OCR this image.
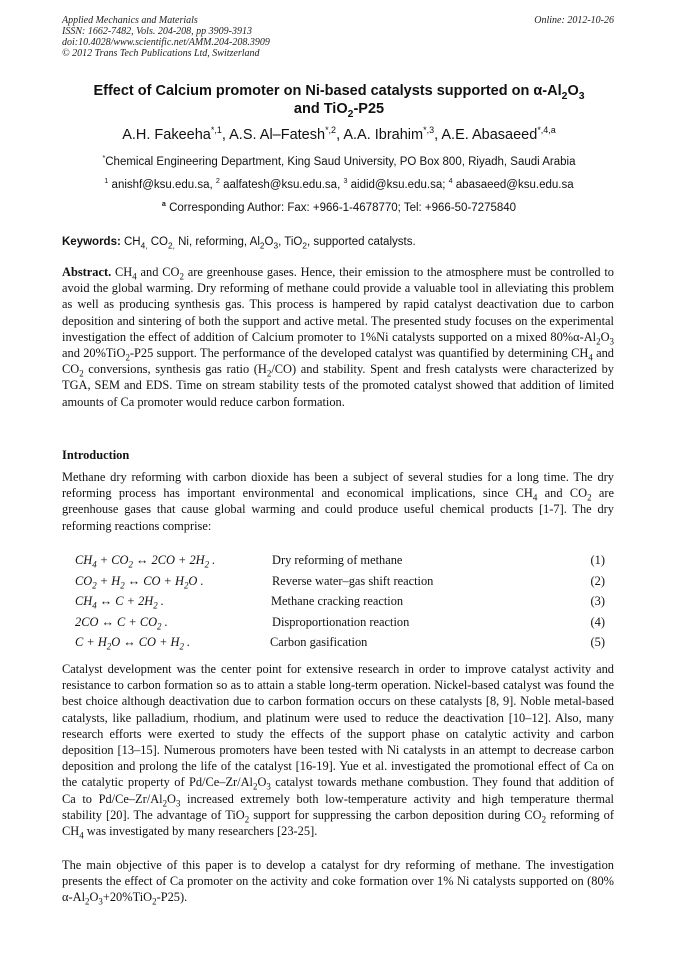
Applied Mechanics and Materials
ISSN: 1662-7482, Vols. 204-208, pp 3909-3913
doi:10.4028/www.scientific.net/AMM.204-208.3909
© 2012 Trans Tech Publications Ltd, Switzerland
Online: 2012-10-26
Effect of Calcium promoter on Ni-based catalysts supported on $\alpha-Al_2O_3$
and TiO$_2$-P25
A.H. Fakeeha$^{*,1}$, A.S. Al–Fatesh$^{*,2}$, A.A. Ibrahim$^{*,3}$, A.E. Abasaeed$^{*,4,a}$
*Chemical Engineering Department, King Saud University, PO Box 800, Riyadh, Saudi Arabia
$^1$ anishf@ksu.edu.sa, $^2$ aalfatesh@ksu.edu.sa, $^3$ aidid@ksu.edu.sa; $^4$ abasaeed@ksu.edu.sa
$^a$ Corresponding Author: Fax: +966-1-4678770; Tel: +966-50-7275840
Keywords: $CH_{4,}$ $CO_{2,}$ Ni, reforming, $Al_2O_3$, TiO$_2$, supported catalysts.
Abstract. $CH_4$ and $CO_2$ are greenhouse gases. Hence, their emission to the atmosphere must be controlled to avoid the global warming. Dry reforming of methane could provide a valuable tool in alleviating this problem as well as producing synthesis gas. This process is hampered by rapid catalyst deactivation due to carbon deposition and sintering of both the support and active metal. The presented study focuses on the experimental investigation the effect of addition of Calcium promoter to 1%Ni catalysts supported on a mixed $80\%\alpha-Al_2O_3$ and 20%TiO$_2$-P25 support. The performance of the developed catalyst was quantified by determining $CH_4$ and $CO_2$ conversions, synthesis gas ratio $(H_2/CO)$ and stability. Spent and fresh catalysts were characterized by TGA, SEM and EDS. Time on stream stability tests of the promoted catalyst showed that addition of limited amounts of Ca promoter would reduce carbon formation.
Introduction
Methane dry reforming with carbon dioxide has been a subject of several studies for a long time. The dry reforming process has important environmental and economical implications, since $CH_4$ and $CO_2$ are greenhouse gases that cause global warming and could produce useful chemical products [1-7]. The dry reforming reactions comprise:
$CH_4 + CO_2$ ↔ $2CO + 2H_2$ .	Dry reforming of methane	(1)
$CO_2 + H_2$ ↔ CO + $H_2O$ .	Reverse water–gas shift reaction	(2)
$CH_4$ ↔ $C + 2H_2$ .	Methane cracking reaction	(3)
2CO ↔ $C + CO_2$ .	Disproportionation reaction	(4)
$C + H_2O$ ↔ CO + $H_2$ .	Carbon gasification	(5)
Catalyst development was the center point for extensive research in order to improve catalyst activity and resistance to carbon formation so as to attain a stable long-term operation. Nickel-based catalyst was found the best choice although deactivation due to carbon formation occurs on these catalysts [8, 9]. Noble metal-based catalysts, like palladium, rhodium, and platinum were used to reduce the deactivation [10–12]. Also, many research efforts were exerted to study the effects of the support phase on catalytic activity and carbon deposition [13–15]. Numerous promoters have been tested with Ni catalysts in an attempt to decrease carbon deposition and prolong the life of the catalyst [16-19]. Yue et al. investigated the promotional effect of Ca on the catalytic property of $Pd/Ce-Zr/Al_2O_3$ catalyst towards methane combustion. They found that addition of Ca to $Pd/Ce-Zr/Al_2O_3$ increased extremely both low-temperature activity and high temperature thermal stability [20]. The advantage of TiO$_2$ support for suppressing the carbon deposition during $CO_2$ reforming of $CH_4$ was investigated by many researchers [23-25].
The main objective of this paper is to develop a catalyst for dry reforming of methane. The investigation presents the effect of Ca promoter on the activity and coke formation over 1% Ni catalysts supported on (80% $\alpha-Al_2O_3+20\%TiO_2-P25$).
